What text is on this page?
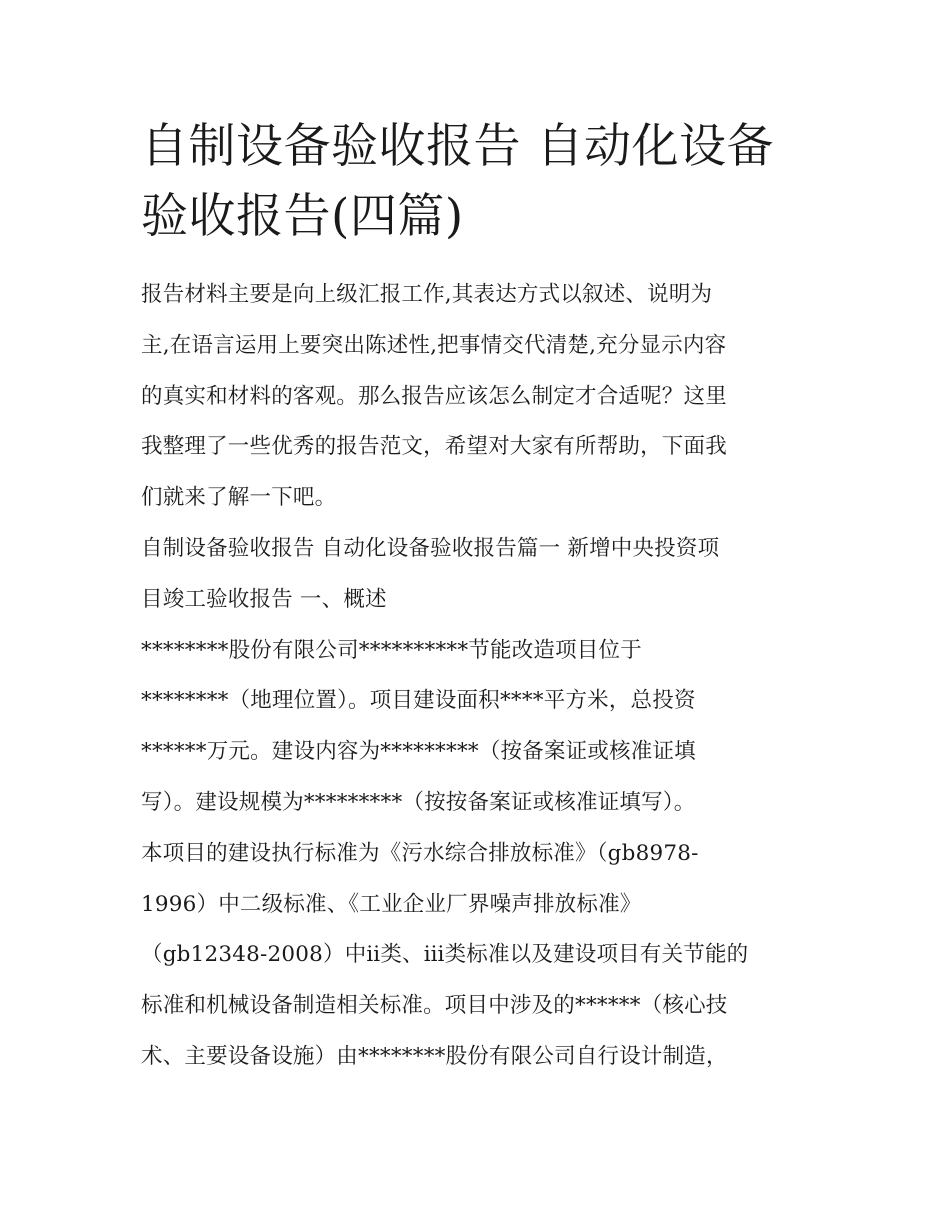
自制设备验收报告 自动化设备
验收报告(四篇)

报告材料主要是向上级汇报工作,其表达方式以叙述、说明为

主,在语言运用上要突出陈述性,把事情交代清楚,充分显示内容

的真实和材料的客观。那么报告应该怎么制定才合适呢？这里

我整理了一些优秀的报告范文，希望对大家有所帮助，下面我

们就来了解一下吧。

自制设备验收报告 自动化设备验收报告篇一 新增中央投资项

目竣工验收报告 一、概述

********股份有限公司**********节能改造项目位于

********（地理位置）。项目建设面积****平方米，总投资

******万元。建设内容为*********（按备案证或核准证填

写）。建设规模为*********（按按备案证或核准证填写）。

本项目的建设执行标准为《污水综合排放标准》（gb8978-

1996）中二级标准、《工业企业厂界噪声排放标准》

（gb12348-2008）中ⅱ类、ⅲ类标准以及建设项目有关节能的

标准和机械设备制造相关标准。项目中涉及的******（核心技

术、主要设备设施）由********股份有限公司自行设计制造，
